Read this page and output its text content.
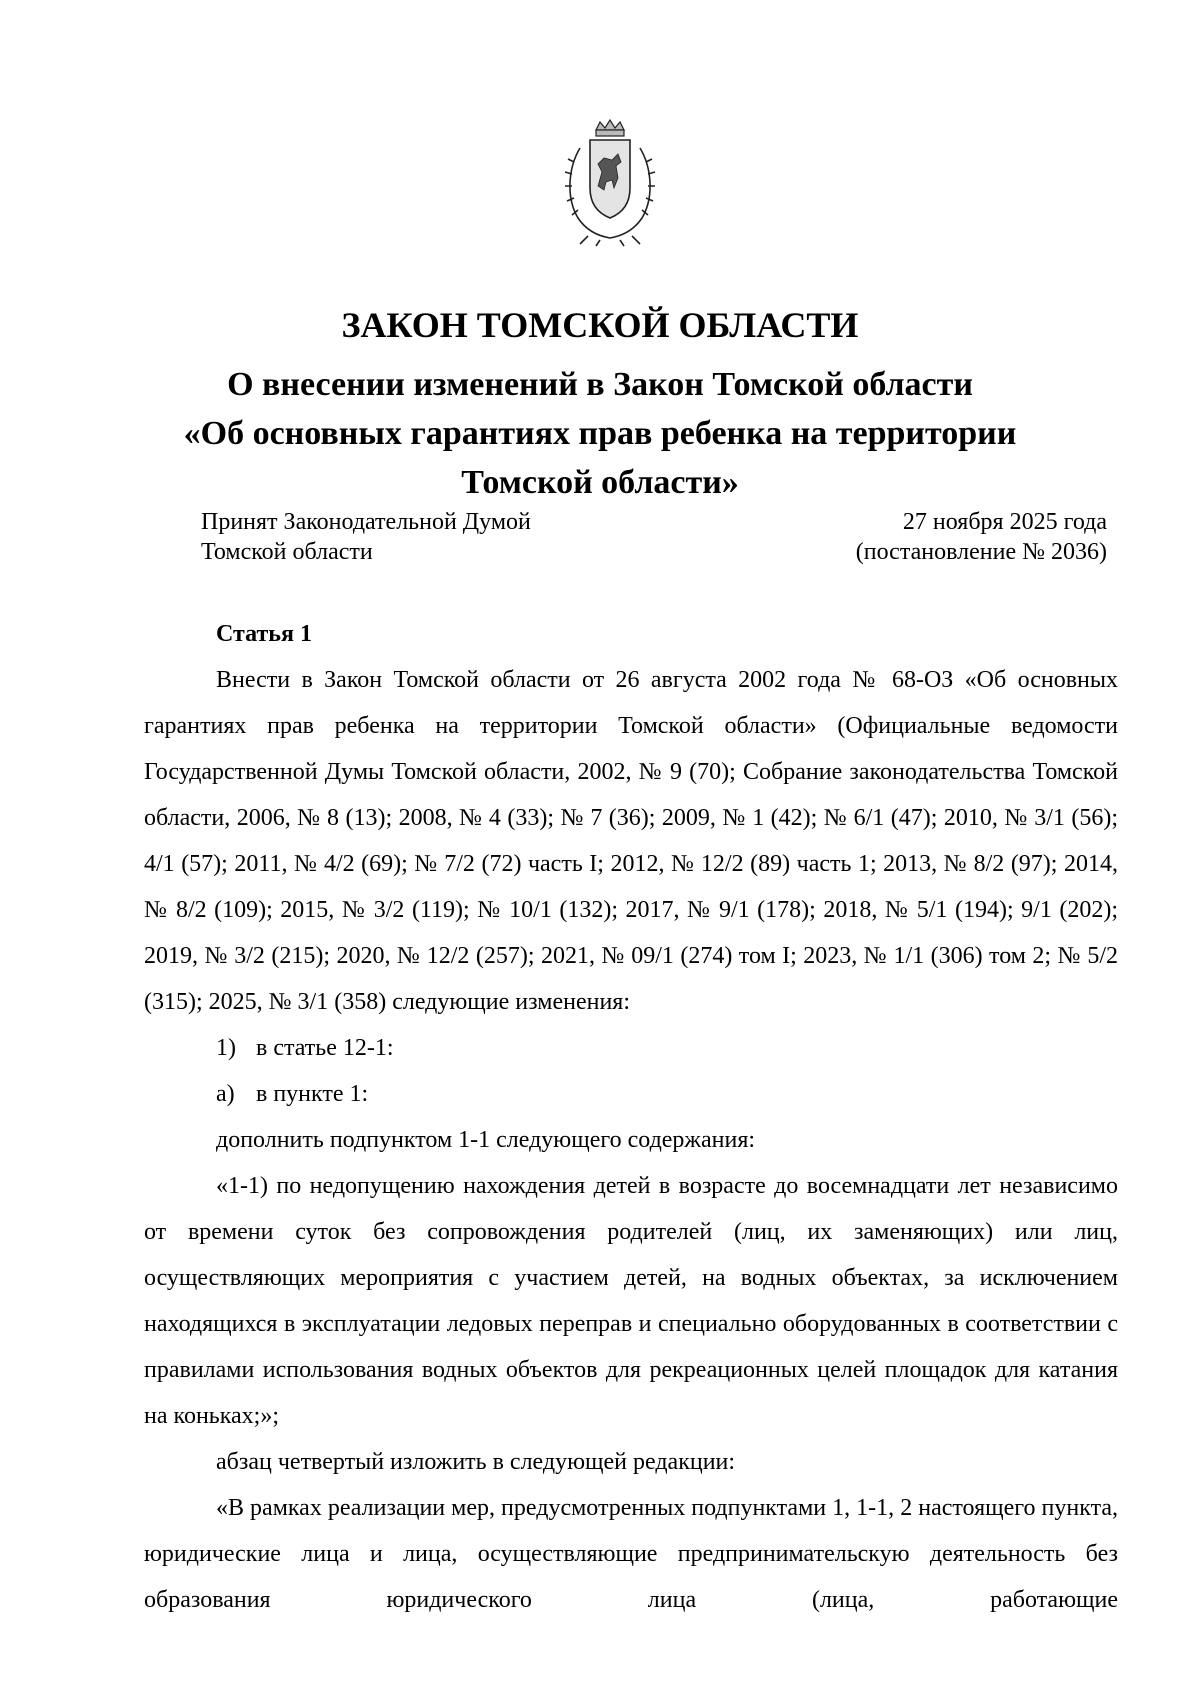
ЗАКОН ТОМСКОЙ ОБЛАСТИ
О внесении изменений в Закон Томской области
«Об основных гарантиях прав ребенка на территории
Томской области»
Принят Законодательной Думой
Томской области
27 ноября 2025 года
(постановление № 2036)
Статья 1

Внести в Закон Томской области от 26 августа 2002 года № 68-ОЗ «Об основных гарантиях прав ребенка на территории Томской области» (Официальные ведомости Государственной Думы Томской области, 2002, № 9 (70); Собрание законодательства Томской области, 2006, № 8 (13); 2008, № 4 (33); № 7 (36); 2009, № 1 (42); № 6/1 (47); 2010, № 3/1 (56); 4/1 (57); 2011, № 4/2 (69); № 7/2 (72) часть I; 2012, № 12/2 (89) часть 1; 2013, № 8/2 (97); 2014, № 8/2 (109); 2015, № 3/2 (119); № 10/1 (132); 2017, № 9/1 (178); 2018, № 5/1 (194); 9/1 (202); 2019, № 3/2 (215); 2020, № 12/2 (257); 2021, № 09/1 (274) том I; 2023, № 1/1 (306) том 2; № 5/2 (315); 2025, № 3/1 (358) следующие изменения:

1) в статье 12-1:
а) в пункте 1:

дополнить подпунктом 1-1 следующего содержания:

«1-1) по недопущению нахождения детей в возрасте до восемнадцати лет независимо от времени суток без сопровождения родителей (лиц, их заменяющих) или лиц, осуществляющих мероприятия с участием детей, на водных объектах, за исключением находящихся в эксплуатации ледовых переправ и специально оборудованных в соответствии с правилами использования водных объектов для рекреационных целей площадок для катания на коньках;»;

абзац четвертый изложить в следующей редакции:

«В рамках реализации мер, предусмотренных подпунктами 1, 1-1, 2 настоящего пункта, юридические лица и лица, осуществляющие предпринимательскую деятельность без образования юридического лица (лица, работающие
